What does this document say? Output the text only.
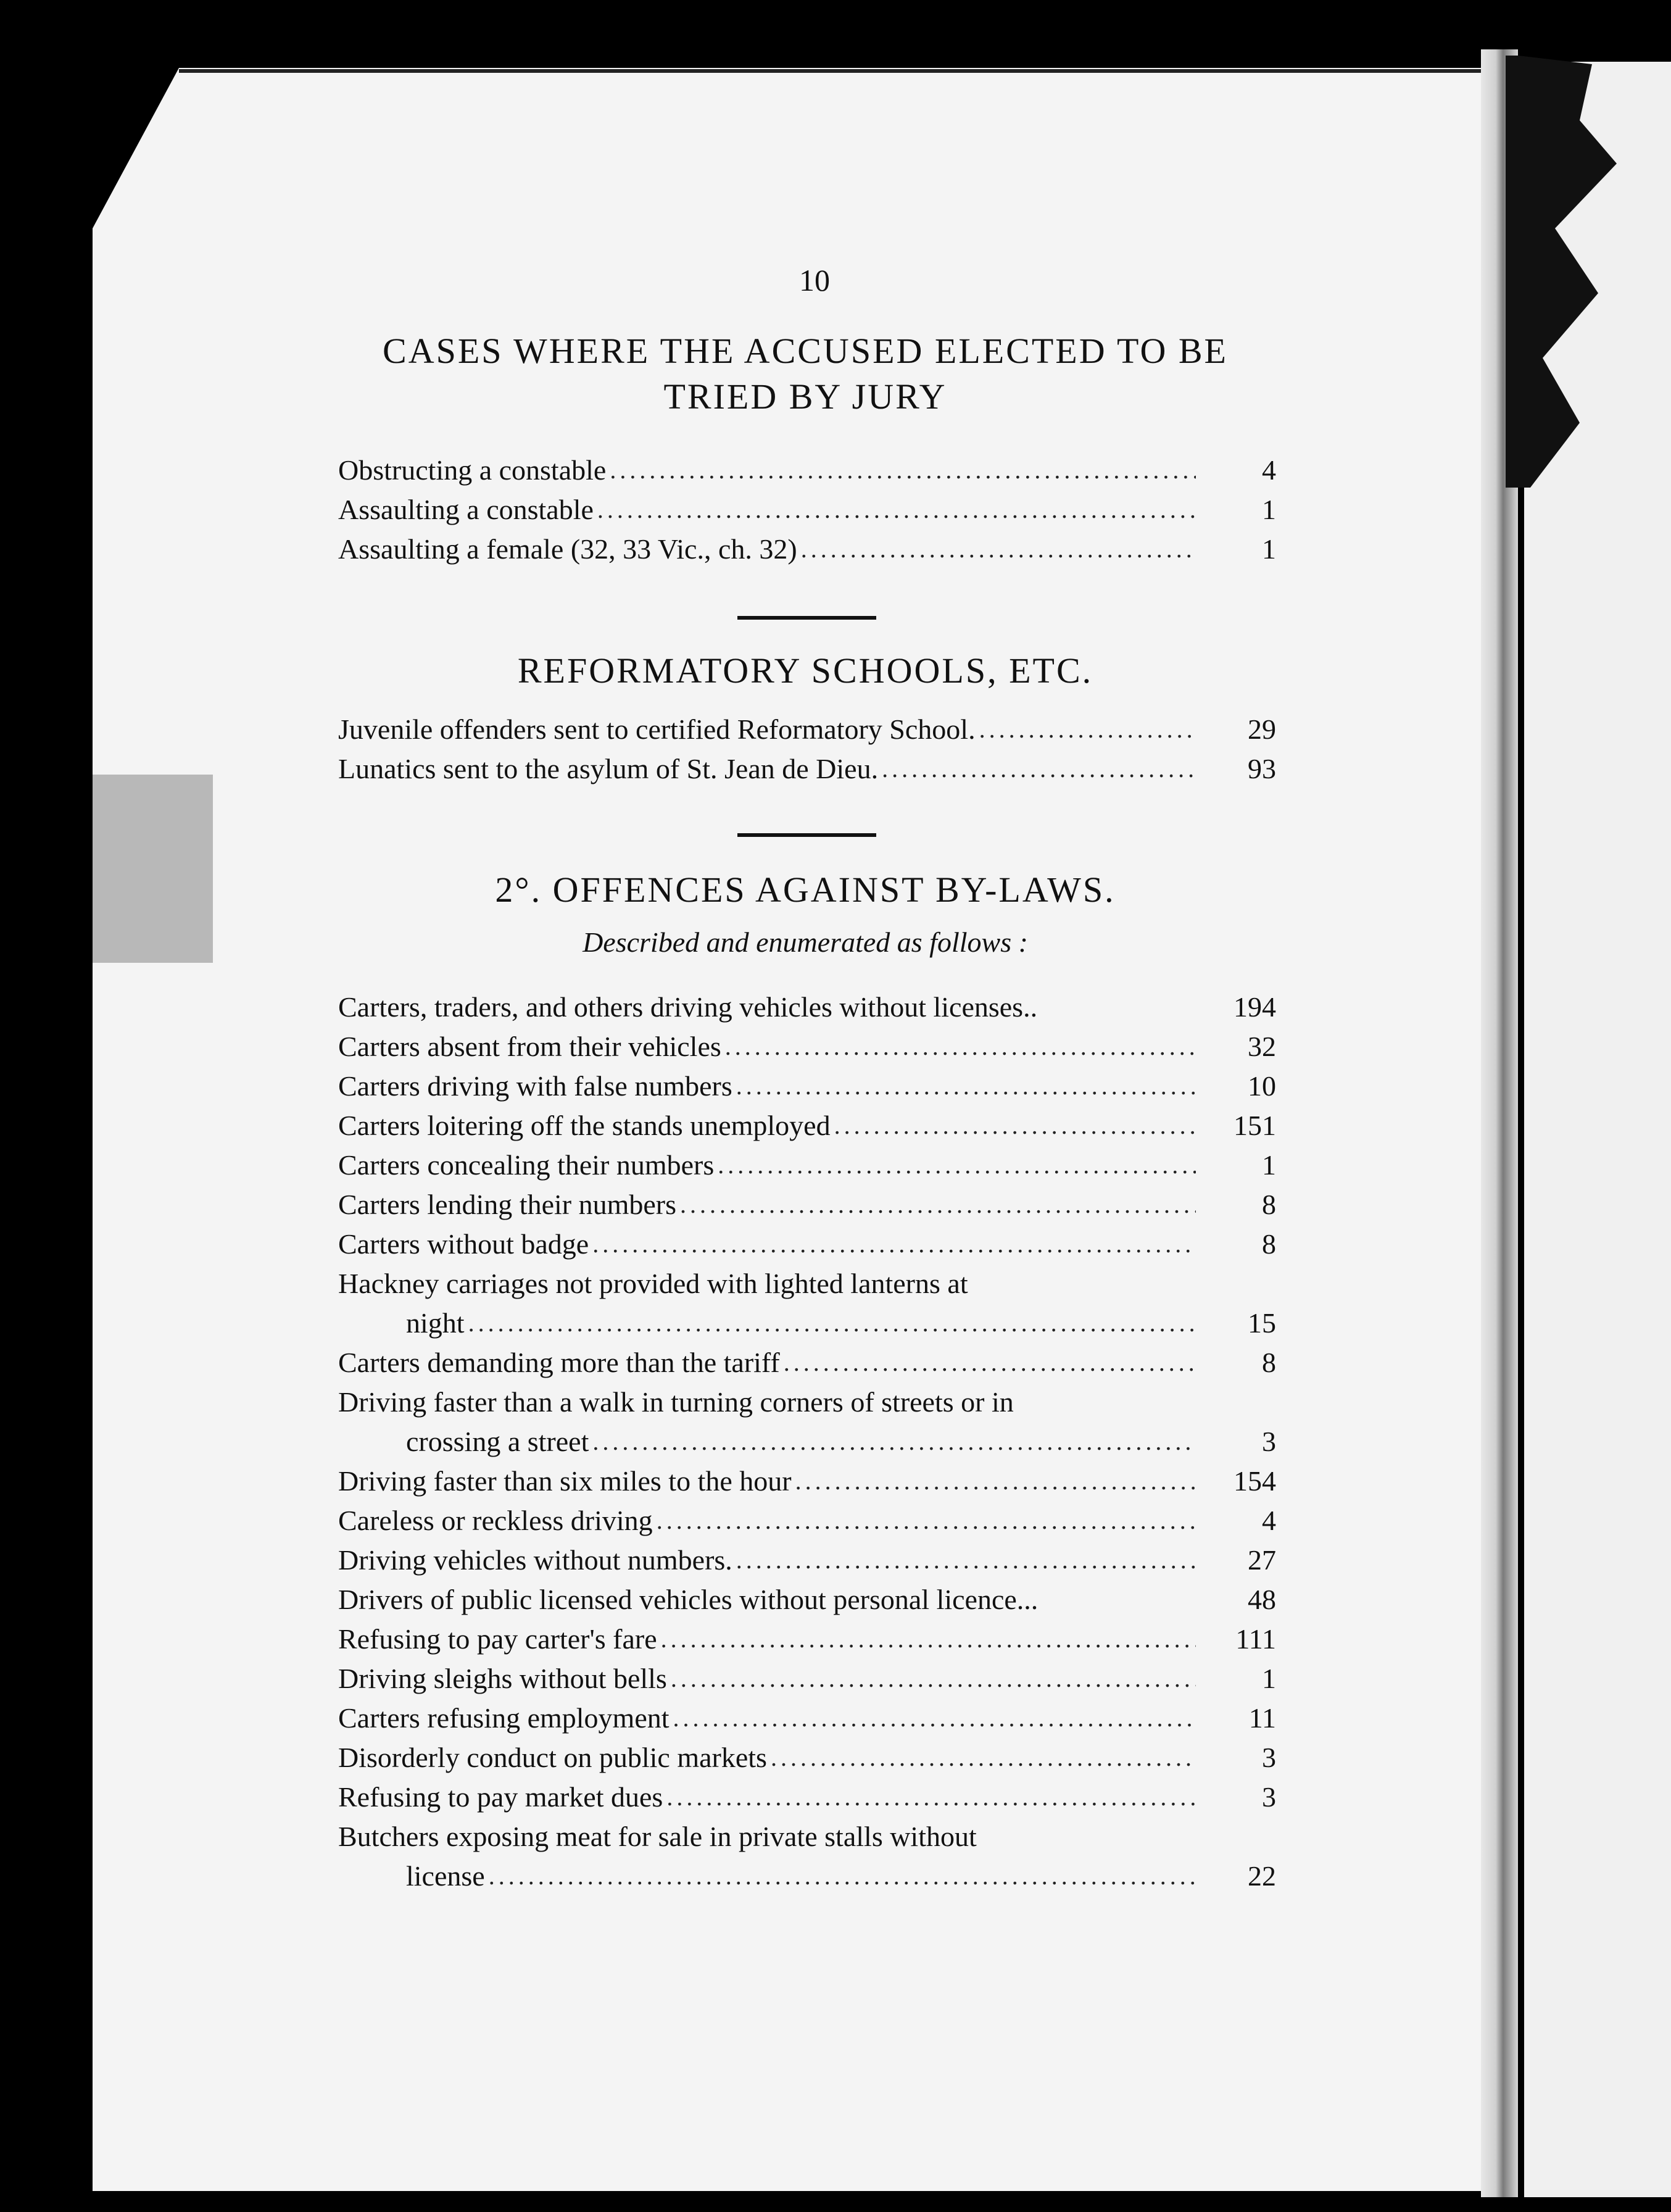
10
CASES WHERE THE ACCUSED ELECTED TO BE TRIED BY JURY
Obstructing a constable .....	4
Assaulting a constable .....	1
Assaulting a female (32, 33 Vic., ch. 32) .....	1
REFORMATORY SCHOOLS, ETC.
Juvenile offenders sent to certified Reformatory School. .....	29
Lunatics sent to the asylum of St. Jean de Dieu. .....	93
2°. OFFENCES AGAINST BY-LAWS.
Described and enumerated as follows :
Carters, traders, and others driving vehicles without licenses..	194
Carters absent from their vehicles .....	32
Carters driving with false numbers .....	10
Carters loitering off the stands unemployed .....	151
Carters concealing their numbers .....	1
Carters lending their numbers .....	8
Carters without badge .....	8
Hackney carriages not provided with lighted lanterns at
night .....	15
Carters demanding more than the tariff .....	8
Driving faster than a walk in turning corners of streets or in
crossing a street .....	3
Driving faster than six miles to the hour .....	154
Careless or reckless driving .....	4
Driving vehicles without numbers. .....	27
Drivers of public licensed vehicles without personal licence...	48
Refusing to pay carter's fare .....	111
Driving sleighs without bells .....	1
Carters refusing employment .....	11
Disorderly conduct on public markets .....	3
Refusing to pay market dues .....	3
Butchers exposing meat for sale in private stalls without
license .....	22
